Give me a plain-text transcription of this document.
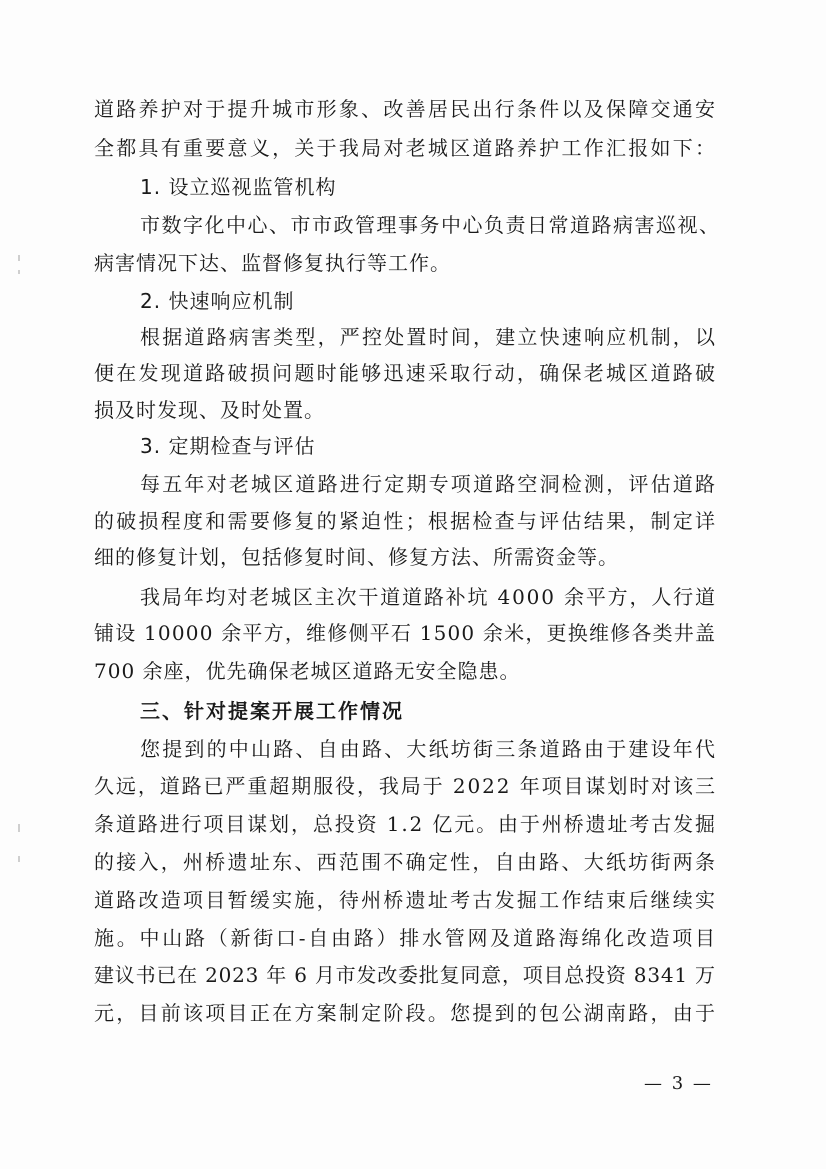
道路养护对于提升城市形象、改善居民出行条件以及保障交通安
全都具有重要意义，关于我局对老城区道路养护工作汇报如下：
1. 设立巡视监管机构
市数字化中心、市市政管理事务中心负责日常道路病害巡视、
病害情况下达、监督修复执行等工作。
2. 快速响应机制
根据道路病害类型，严控处置时间，建立快速响应机制，以
便在发现道路破损问题时能够迅速采取行动，确保老城区道路破
损及时发现、及时处置。
3. 定期检查与评估
每五年对老城区道路进行定期专项道路空洞检测，评估道路
的破损程度和需要修复的紧迫性；根据检查与评估结果，制定详
细的修复计划，包括修复时间、修复方法、所需资金等。
我局年均对老城区主次干道道路补坑 4000 余平方，人行道
铺设 10000 余平方，维修侧平石 1500 余米，更换维修各类井盖
700 余座，优先确保老城区道路无安全隐患。
三、针对提案开展工作情况
您提到的中山路、自由路、大纸坊街三条道路由于建设年代
久远，道路已严重超期服役，我局于 2022 年项目谋划时对该三
条道路进行项目谋划，总投资 1.2 亿元。由于州桥遗址考古发掘
的接入，州桥遗址东、西范围不确定性，自由路、大纸坊街两条
道路改造项目暂缓实施，待州桥遗址考古发掘工作结束后继续实
施。中山路（新街口-自由路）排水管网及道路海绵化改造项目
建议书已在 2023 年 6 月市发改委批复同意，项目总投资 8341 万
元，目前该项目正在方案制定阶段。您提到的包公湖南路，由于
— 3 —
